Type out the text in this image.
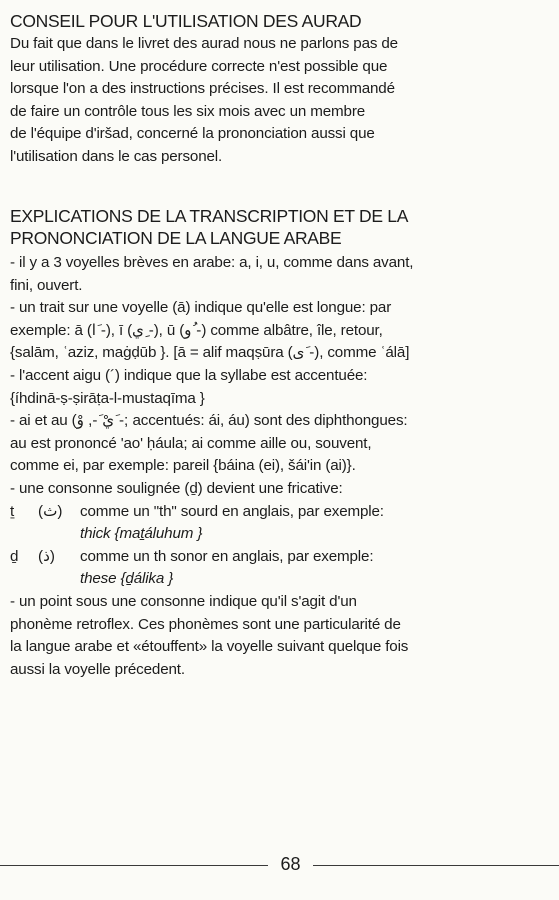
CONSEIL POUR L'UTILISATION DES AURAD
Du fait que dans le livret des aurad nous ne parlons pas de
leur utilisation. Une procédure correcte n'est possible que
lorsque l'on a des instructions précises. Il est recommandé
de faire un contrôle tous les six mois avec un membre
de l'équipe d'iršad, concerné la prononciation aussi que
l'utilisation dans le cas personel.
EXPLICATIONS DE LA TRANSCRIPTION ET DE LA
PRONONCIATION DE LA LANGUE ARABE
- il y a 3 voyelles brèves en arabe: a, i, u, comme dans avant,
fini, ouvert.
- un trait sur une voyelle (ā) indique qu'elle est longue: par
exemple: ā (ا َ-), ī (ي ِ-), ū (و ُ-) comme albâtre, île, retour,
{salām, ʿaziz, maġḍūb }. [ā = alif maqṣūra (ى َ-), comme ʿálā]
- l'accent aigu (´) indique que la syllabe est accentuée:
{íhdinā-ṣ-ṣirāṭa-l-mustaqīma }
- ai et au (يْ َ-, وْ َ-; accentués: ái, áu) sont des diphthongues:
au est prononcé 'ao' ḥáula; ai comme aille ou, souvent,
comme ei, par exemple: pareil {báina (ei), šái'in (ai)}.
- une consonne soulignée (ḏ) devient une fricative:
ṯ	(ث)	comme un "th" sourd en anglais, par exemple:
thick {maṯáluhum }
ḏ	(ذ)	comme un th sonor en anglais, par exemple:
these {ḏálika }
- un point sous une consonne indique qu'il s'agit d'un
phonème retroflex. Ces phonèmes sont une particularité de
la langue arabe et «étouffent» la voyelle suivant quelque fois
aussi la voyelle précedent.
68
